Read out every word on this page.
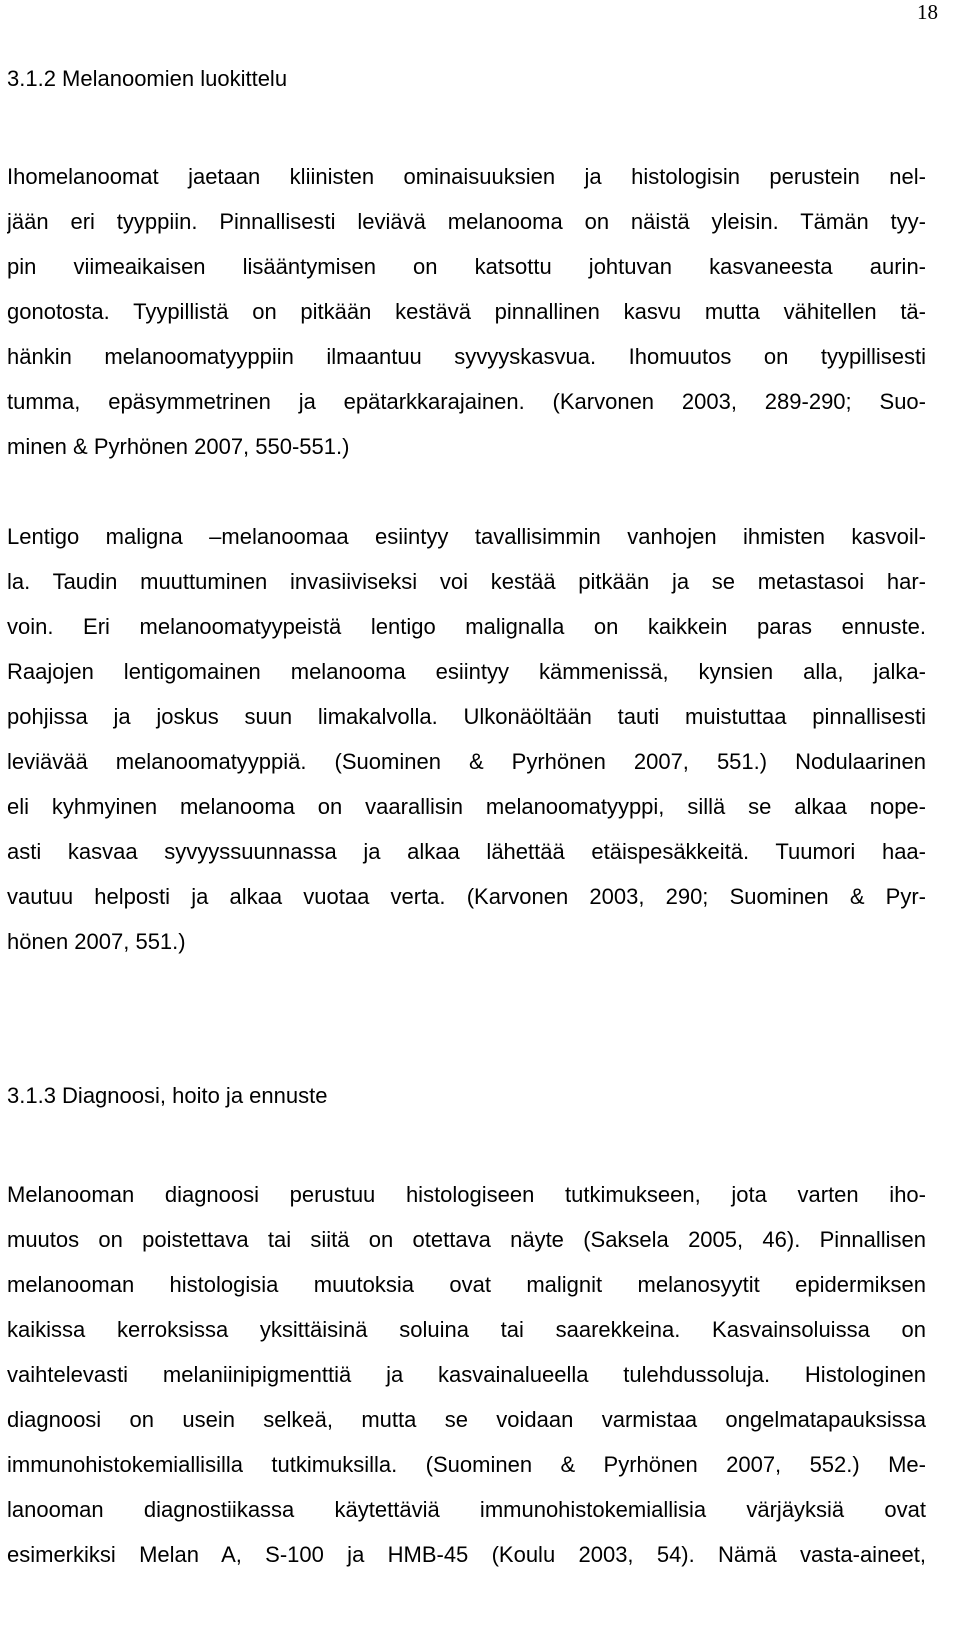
18
3.1.2 Melanoomien luokittelu
Ihomelanoomat jaetaan kliinisten ominaisuuksien ja histologisin perustein nel-
jään eri tyyppiin. Pinnallisesti leviävä melanooma on näistä yleisin. Tämän tyy-
pin viimeaikaisen lisääntymisen on katsottu johtuvan kasvaneesta aurin-
gonotosta. Tyypillistä on pitkään kestävä pinnallinen kasvu mutta vähitellen tä-
hänkin melanoomatyyppiin ilmaantuu syvyyskasvua. Ihomuutos on tyypillisesti
tumma, epäsymmetrinen ja epätarkkarajainen. (Karvonen 2003, 289-290; Suo-
minen & Pyrhönen 2007, 550-551.)
Lentigo maligna –melanoomaa esiintyy tavallisimmin vanhojen ihmisten kasvoil-
la. Taudin muuttuminen invasiiviseksi voi kestää pitkään ja se metastasoi har-
voin. Eri melanoomatyypeistä lentigo malignalla on kaikkein paras ennuste.
Raajojen lentigomainen melanooma esiintyy kämmenissä, kynsien alla, jalka-
pohjissa ja joskus suun limakalvolla. Ulkonäöltään tauti muistuttaa pinnallisesti
leviävää melanoomatyyppiä. (Suominen & Pyrhönen 2007, 551.) Nodulaarinen
eli kyhmyinen melanooma on vaarallisin melanoomatyyppi, sillä se alkaa nope-
asti kasvaa syvyyssuunnassa ja alkaa lähettää etäispesäkkeitä. Tuumori haa-
vautuu helposti ja alkaa vuotaa verta. (Karvonen 2003, 290; Suominen & Pyr-
hönen 2007, 551.)
3.1.3 Diagnoosi, hoito ja ennuste
Melanooman diagnoosi perustuu histologiseen tutkimukseen, jota varten iho-
muutos on poistettava tai siitä on otettava näyte (Saksela 2005, 46). Pinnallisen
melanooman histologisia muutoksia ovat malignit melanosyytit epidermiksen
kaikissa kerroksissa yksittäisinä soluina tai saarekkeina. Kasvainsoluissa on
vaihtelevasti melaniinipigmenttiä ja kasvainalueella tulehdussoluja. Histologinen
diagnoosi on usein selkeä, mutta se voidaan varmistaa ongelmatapauksissa
immunohistokemiallisilla tutkimuksilla. (Suominen & Pyrhönen 2007, 552.) Me-
lanooman diagnostiikassa käytettäviä immunohistokemiallisia värjäyksiä ovat
esimerkiksi Melan A, S-100 ja HMB-45 (Koulu 2003, 54). Nämä vasta-aineet,
